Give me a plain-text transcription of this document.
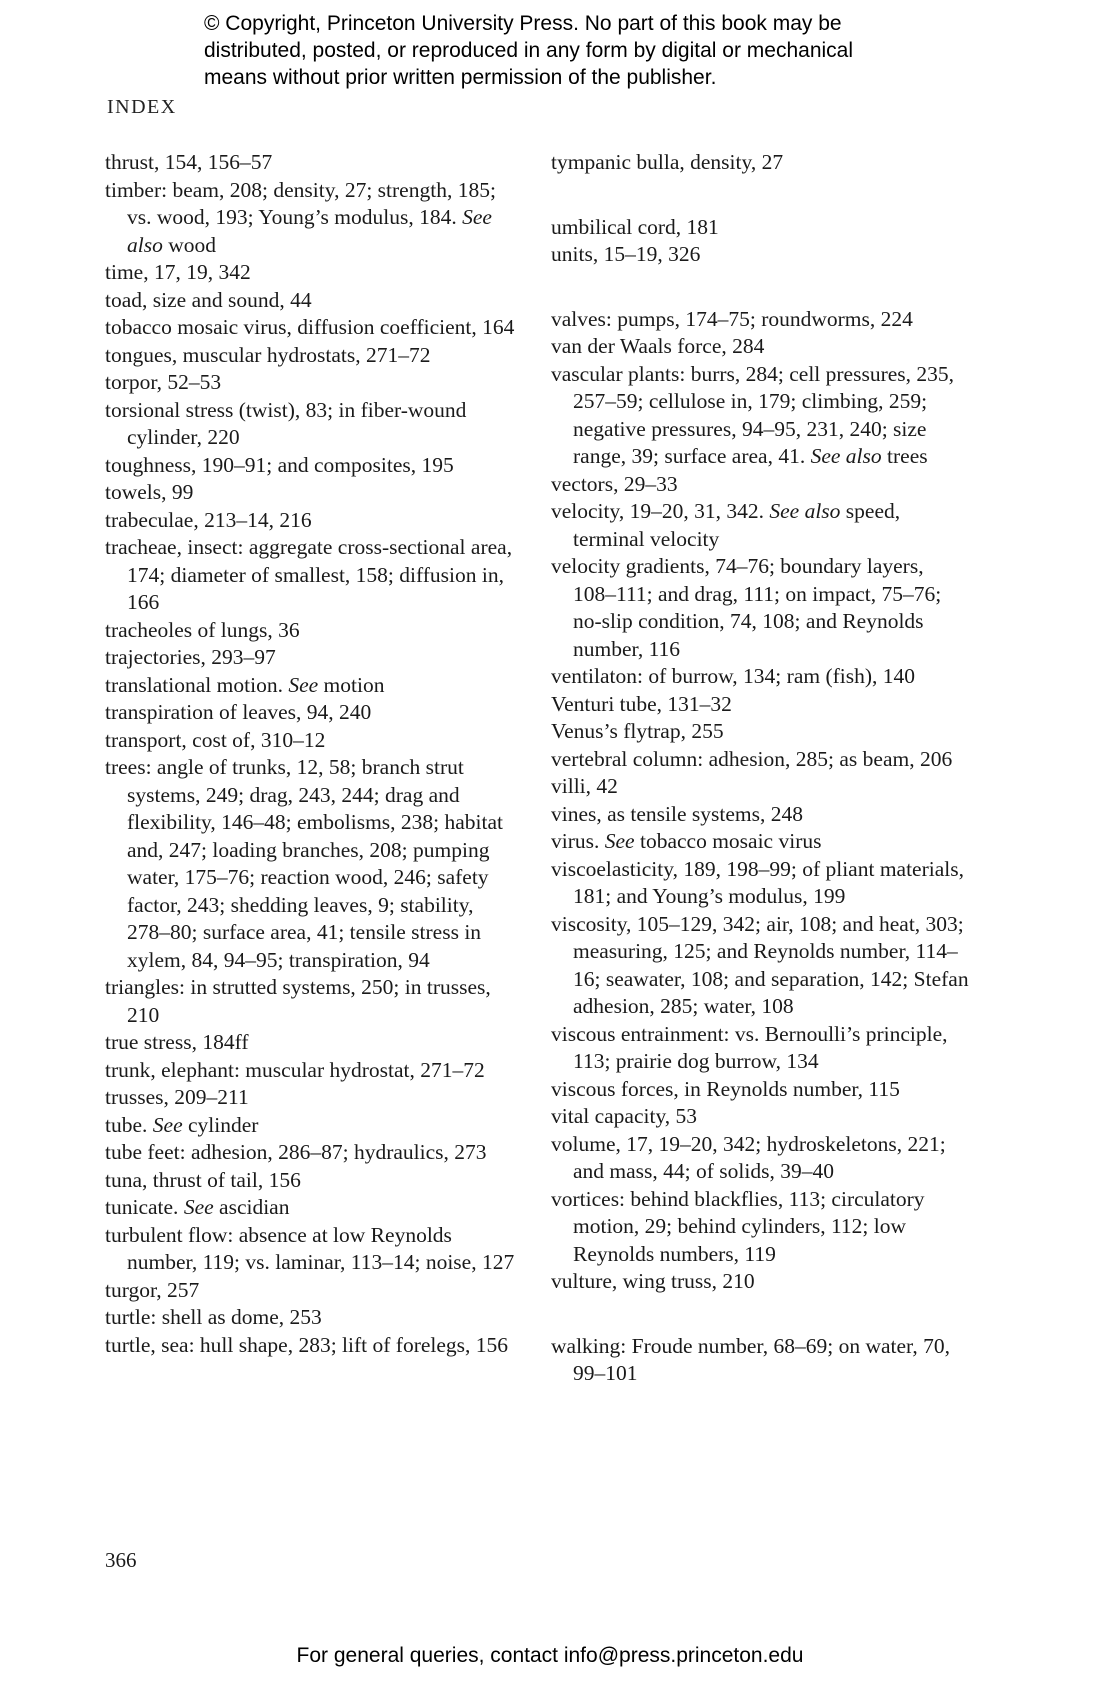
© Copyright, Princeton University Press. No part of this book may be
distributed, posted, or reproduced in any form by digital or mechanical
means without prior written permission of the publisher.
INDEX
thrust, 154, 156–57
timber: beam, 208; density, 27; strength, 185; vs. wood, 193; Young’s modulus, 184. See also wood
time, 17, 19, 342
toad, size and sound, 44
tobacco mosaic virus, diffusion coefficient, 164
tongues, muscular hydrostats, 271–72
torpor, 52–53
torsional stress (twist), 83; in fiber-wound cylinder, 220
toughness, 190–91; and composites, 195
towels, 99
trabeculae, 213–14, 216
tracheae, insect: aggregate cross-sectional area, 174; diameter of smallest, 158; diffusion in, 166
tracheoles of lungs, 36
trajectories, 293–97
translational motion. See motion
transpiration of leaves, 94, 240
transport, cost of, 310–12
trees: angle of trunks, 12, 58; branch strut systems, 249; drag, 243, 244; drag and flexibility, 146–48; embolisms, 238; habitat and, 247; loading branches, 208; pumping water, 175–76; reaction wood, 246; safety factor, 243; shedding leaves, 9; stability, 278–80; surface area, 41; tensile stress in xylem, 84, 94–95; transpiration, 94
triangles: in strutted systems, 250; in trusses, 210
true stress, 184ff
trunk, elephant: muscular hydrostat, 271–72
trusses, 209–211
tube. See cylinder
tube feet: adhesion, 286–87; hydraulics, 273
tuna, thrust of tail, 156
tunicate. See ascidian
turbulent flow: absence at low Reynolds number, 119; vs. laminar, 113–14; noise, 127
turgor, 257
turtle: shell as dome, 253
turtle, sea: hull shape, 283; lift of forelegs, 156
tympanic bulla, density, 27
umbilical cord, 181
units, 15–19, 326
valves: pumps, 174–75; roundworms, 224
van der Waals force, 284
vascular plants: burrs, 284; cell pressures, 235, 257–59; cellulose in, 179; climbing, 259; negative pressures, 94–95, 231, 240; size range, 39; surface area, 41. See also trees
vectors, 29–33
velocity, 19–20, 31, 342. See also speed, terminal velocity
velocity gradients, 74–76; boundary layers, 108–111; and drag, 111; on impact, 75–76; no-slip condition, 74, 108; and Reynolds number, 116
ventilaton: of burrow, 134; ram (fish), 140
Venturi tube, 131–32
Venus’s flytrap, 255
vertebral column: adhesion, 285; as beam, 206
villi, 42
vines, as tensile systems, 248
virus. See tobacco mosaic virus
viscoelasticity, 189, 198–99; of pliant materials, 181; and Young’s modulus, 199
viscosity, 105–129, 342; air, 108; and heat, 303; measuring, 125; and Reynolds number, 114–16; seawater, 108; and separation, 142; Stefan adhesion, 285; water, 108
viscous entrainment: vs. Bernoulli’s principle, 113; prairie dog burrow, 134
viscous forces, in Reynolds number, 115
vital capacity, 53
volume, 17, 19–20, 342; hydroskeletons, 221; and mass, 44; of solids, 39–40
vortices: behind blackflies, 113; circulatory motion, 29; behind cylinders, 112; low Reynolds numbers, 119
vulture, wing truss, 210
walking: Froude number, 68–69; on water, 70, 99–101
366
For general queries, contact info@press.princeton.edu
